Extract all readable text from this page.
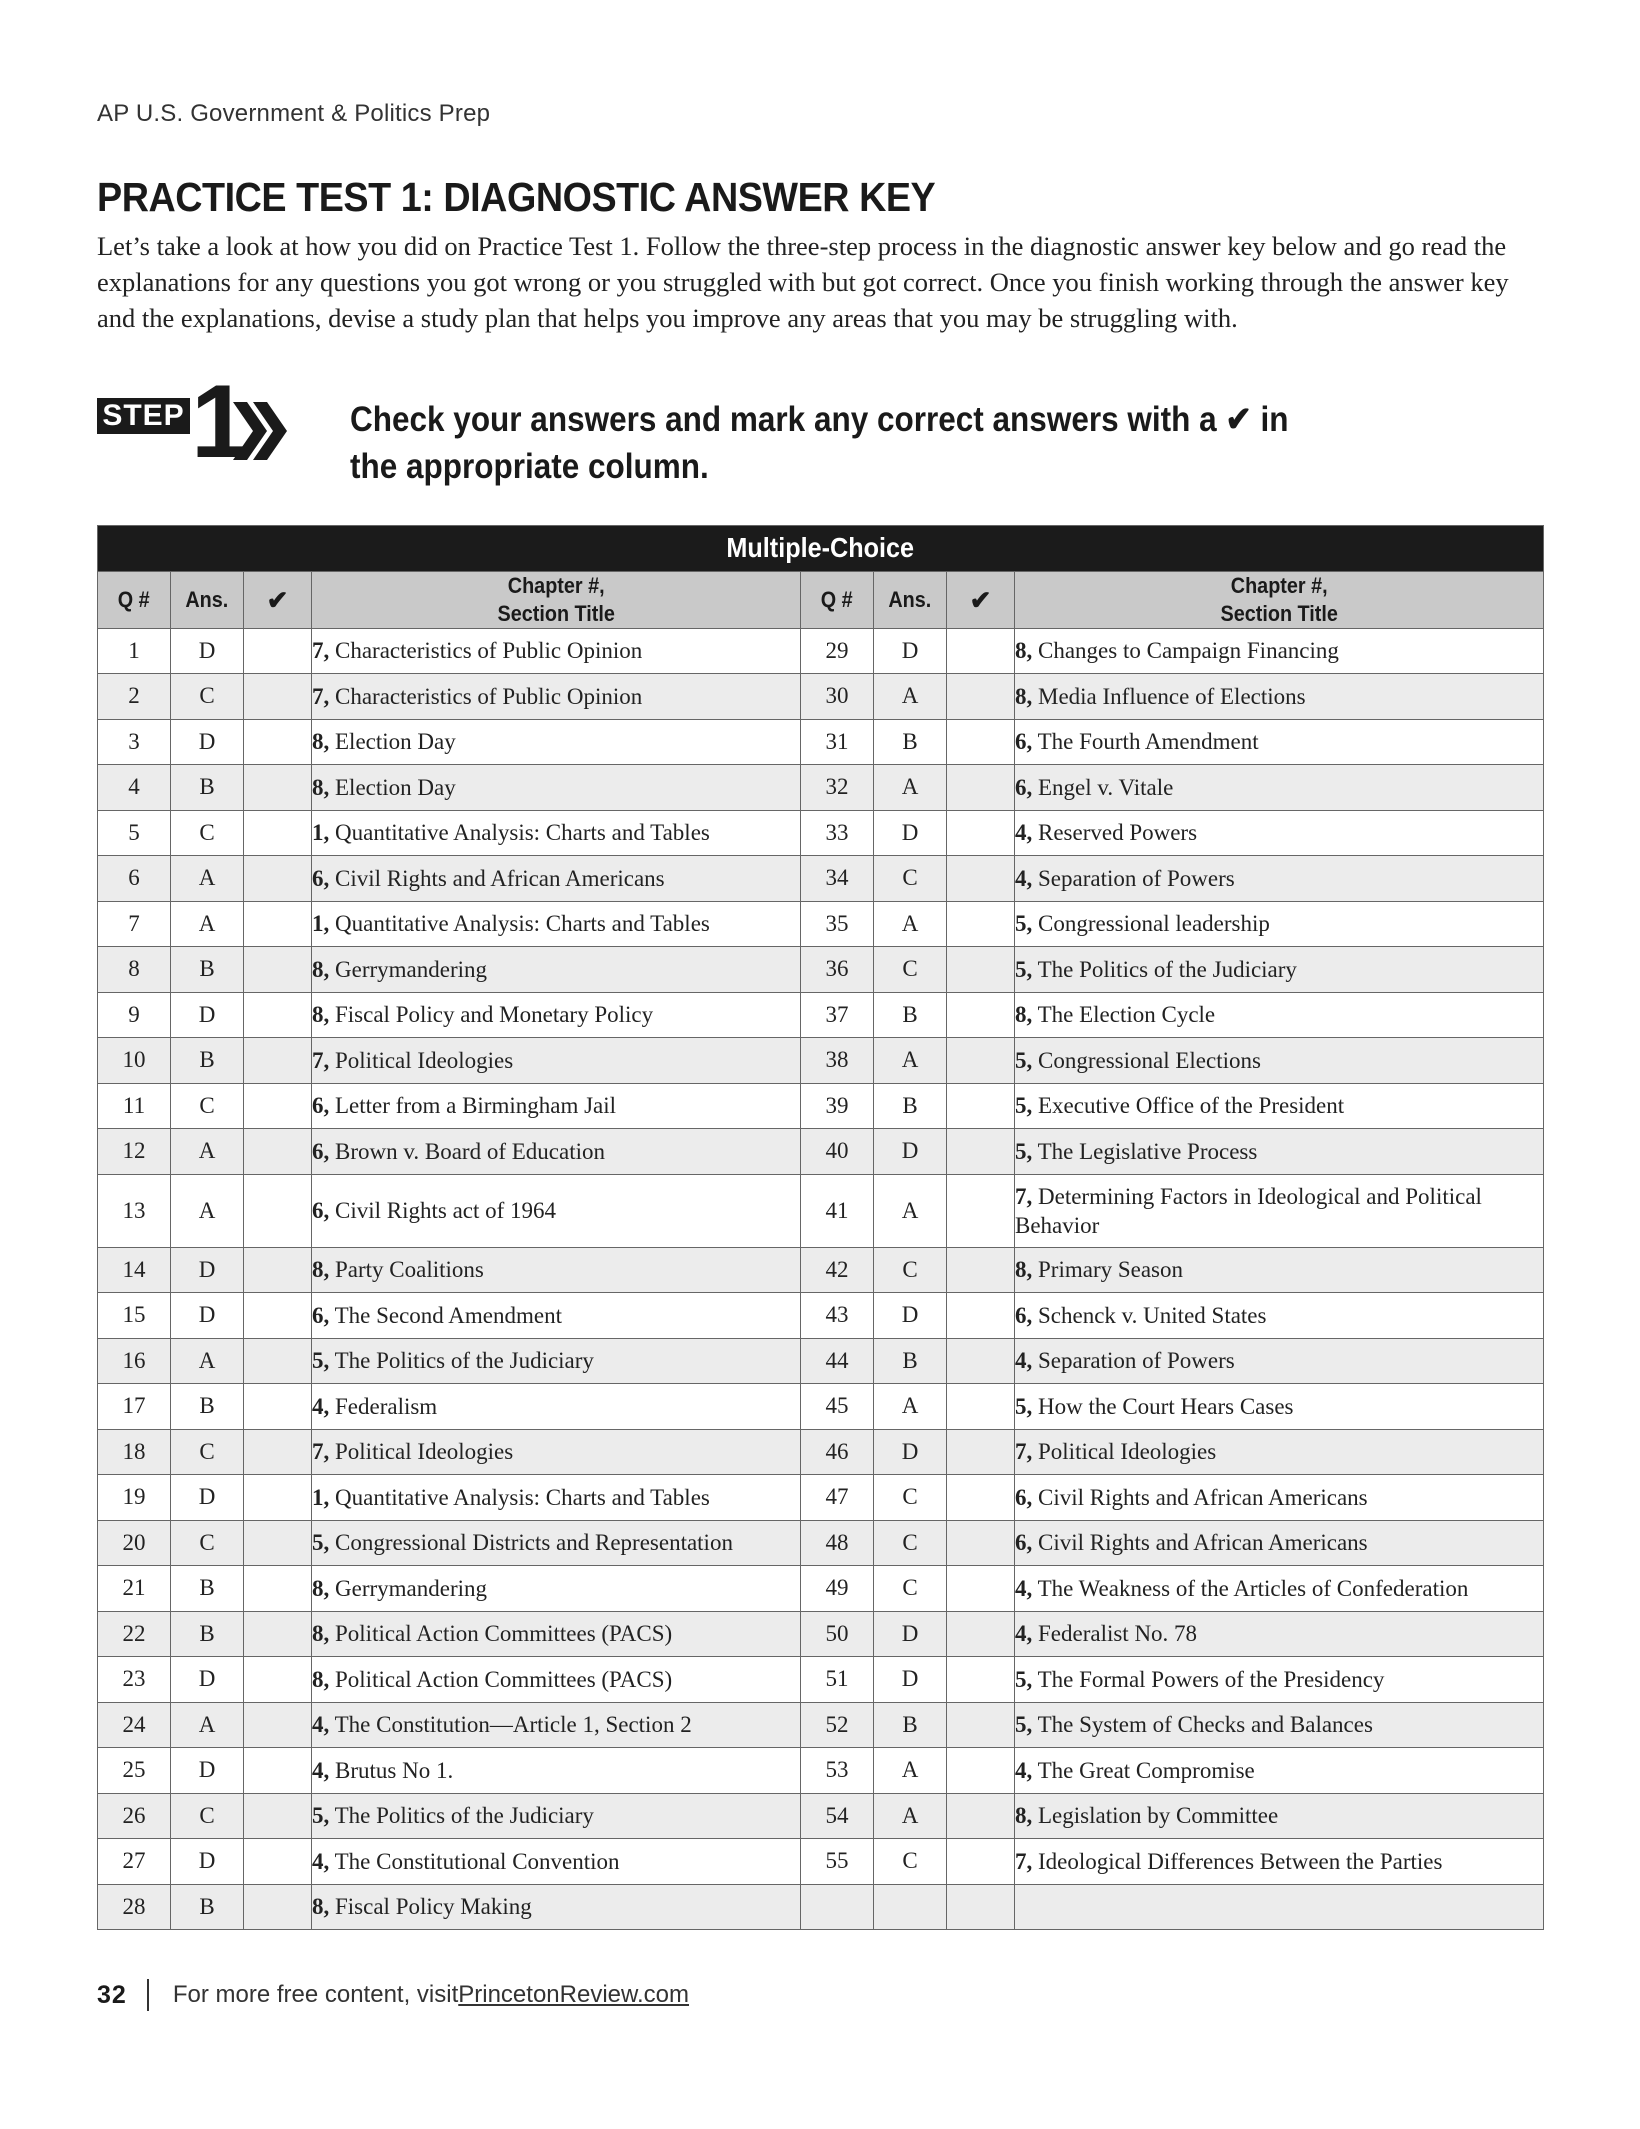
AP U.S. Government & Politics Prep
PRACTICE TEST 1: DIAGNOSTIC ANSWER KEY

Let’s take a look at how you did on Practice Test 1. Follow the three-step process in the diagnostic answer key below and go read the explanations for any questions you got wrong or you struggled with but got correct. Once you finish working through the answer key and the explanations, devise a study plan that helps you improve any areas that you may be struggling with.

STEP 1	Check your answers and mark any correct answers with a ✔ in the appropriate column.
Multiple-Choice							
Q #	Ans.	✔	Chapter #,
Section Title	Q #	Ans.	✔	Chapter #,
Section Title
1	D		7, Characteristics of Public Opinion	29	D		8, Changes to Campaign Financing
2	C		7, Characteristics of Public Opinion	30	A		8, Media Influence of Elections
3	D		8, Election Day	31	B		6, The Fourth Amendment
4	B		8, Election Day	32	A		6, Engel v. Vitale
5	C		1, Quantitative Analysis: Charts and Tables	33	D		4, Reserved Powers
6	A		6, Civil Rights and African Americans	34	C		4, Separation of Powers
7	A		1, Quantitative Analysis: Charts and Tables	35	A		5, Congressional leadership
8	B		8, Gerrymandering	36	C		5, The Politics of the Judiciary
9	D		8, Fiscal Policy and Monetary Policy	37	B		8, The Election Cycle
10	B		7, Political Ideologies	38	A		5, Congressional Elections
11	C		6, Letter from a Birmingham Jail	39	B		5, Executive Office of the President
12	A		6, Brown v. Board of Education	40	D		5, The Legislative Process
13	A		6, Civil Rights act of 1964	41	A		7, Determining Factors in Ideological and Political Behavior
14	D		8, Party Coalitions	42	C		8, Primary Season
15	D		6, The Second Amendment	43	D		6, Schenck v. United States
16	A		5, The Politics of the Judiciary	44	B		4, Separation of Powers
17	B		4, Federalism	45	A		5, How the Court Hears Cases
18	C		7, Political Ideologies	46	D		7, Political Ideologies
19	D		1, Quantitative Analysis: Charts and Tables	47	C		6, Civil Rights and African Americans
20	C		5, Congressional Districts and Representation	48	C		6, Civil Rights and African Americans
21	B		8, Gerrymandering	49	C		4, The Weakness of the Articles of Confederation
22	B		8, Political Action Committees (PACS)	50	D		4, Federalist No. 78
23	D		8, Political Action Committees (PACS)	51	D		5, The Formal Powers of the Presidency
24	A		4, The Constitution—Article 1, Section 2	52	B		5, The System of Checks and Balances
25	D		4, Brutus No 1.	53	A		4, The Great Compromise
26	C		5, The Politics of the Judiciary	54	A		8, Legislation by Committee
27	D		4, The Constitutional Convention	55	C		7, Ideological Differences Between the Parties
28	B		8, Fiscal Policy Making				
32 For more free content, visit PrincetonReview.com
